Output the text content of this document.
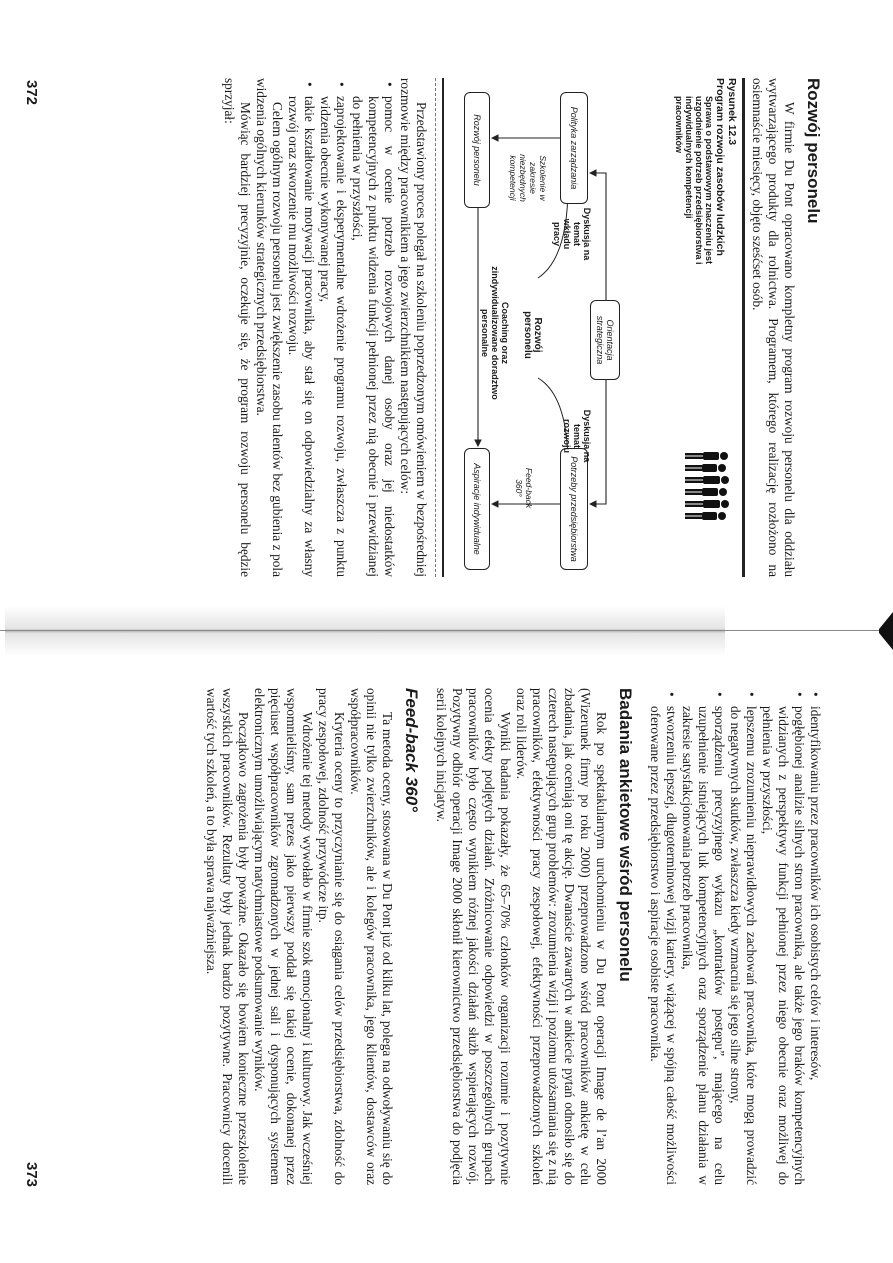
Rozwój personelu

W firmie Du Pont opracowano kompletny program rozwoju personelu dla oddziału wytwarzającego produkty dla rolnictwa. Programem, którego realizację rozłożono na osiemnaście miesięcy, objęto sześćset osób.

Rysunek 12.3
Program rozwoju zasobów ludzkich
Sprawa o podstawowym znaczeniu jest uzgodnienie potrzeb przedsiębiorstwa i indywidualnych kompetencji pracowników
Orientacja strategiczna
Polityka zarządzania
Potrzeby przedsiębiorstwa
Rozwój personelu
Aspiracje indywidualne
Dyskusja na temat wkładu pracy
Dyskusja na temat rozwoju
Rozwój personelu
Szkolenie w zakresie niezbędnych kompetencji
Feed-back 360°
Coaching oraz zindywidualizowane doradztwo personalne

Przedstawiony proces polegał na szkoleniu poprzedzonym omówieniem w bezpośredniej rozmowie między pracownikiem a jego zwierzchnikiem następujących celów:

• pomoc w ocenie potrzeb rozwojowych danej osoby oraz jej niedostatków kompetencyjnych z punktu widzenia funkcji pełnionej przez nią obecnie i przewidzianej do pełnienia w przyszłości,
• zaprojektowanie i eksperymentalne wdrożenie programu rozwoju, zwłaszcza z punktu widzenia obecnie wykonywanej pracy,
• takie kształtowanie motywacji pracownika, aby stał się on odpowiedzialny za własny rozwój oraz stworzenie mu możliwości rozwoju.

Celem ogólnym rozwoju personelu jest zwiększenie zasobu talentów bez gubienia z pola widzenia ogólnych kierunków strategicznych przedsiębiorstwa.

Mówiąc bardziej precyzyjnie, oczekuje się, że program rozwoju personelu będzie sprzyjał:

372
• identyfikowaniu przez pracowników ich osobistych celów i interesów,
• pogłębionej analizie silnych stron pracownika, ale także jego braków kompetencyjnych widzianych z perspektywy funkcji pełnionej przez niego obecnie oraz możliwej do pełnienia w przyszłości,
• lepszemu zrozumieniu nieprawidłowych zachowań pracownika, które mogą prowadzić do negatywnych skutków, zwłaszcza kiedy wzmacnia się jego silne strony,
• sporządzeniu precyzyjnego wykazu „kontraktów postępu”, mającego na celu uzupełnienie istniejących luk kompetencyjnych oraz sporządzenie planu działania w zakresie satysfakcjonowania potrzeb pracownika,
• stworzeniu lepszej, długoterminowej wizji kariery, wiążącej w spójną całość możliwości oferowane przez przedsiębiorstwo i aspiracje osobiste pracownika.
Badania ankietowe wśród personelu

Rok po spektakularnym uruchomieniu w Du Pont operacji Image de l’an 2000 (Wizerunek firmy po roku 2000) przeprowadzono wśród pracowników ankietę w celu zbadania, jak oceniają oni tę akcję. Dwanaście zawartych w ankiecie pytań odnosiło się do czterech następujących grup problemów: zrozumienia wizji i poziomu utożsamiania się z nią pracowników, efektywności pracy zespołowej, efektywności przeprowadzonych szkoleń oraz roli liderów.

Wyniki badania pokazały, że 65–70% członków organizacji rozumie i pozytywnie ocenia efekty podjętych działań. Zróżnicowanie odpowiedzi w poszczególnych grupach pracowników było często wynikiem różnej jakości działań służb wspierających rozwój. Pozytywny odbiór operacji Image 2000 skłonił kierownictwo przedsiębiorstwa do podjęcia serii kolejnych inicjatyw.

Feed-back 360°

Ta metoda oceny, stosowana w Du Pont już od kilku lat, polega na odwoływaniu się do opinii nie tylko zwierzchników, ale i kolegów pracownika, jego klientów, dostawców oraz współpracowników.

Kryteria oceny to przyczynianie się do osiągania celów przedsiębiorstwa, zdolność do pracy zespołowej, zdolność przywódcze itp.

Wdrożenie tej metody wywołało w firmie szok emocjonalny i kulturowy. Jak wcześniej wspomnieliśmy, sam prezes jako pierwszy poddał się takiej ocenie, dokonanej przez pięciuset współpracowników zgromadzonych w jednej sali i dysponujących systemem elektronicznym umożliwiającym natychmiastowe podsumowanie wyników.

Początkowo zagrożenia były poważne. Okazało się bowiem konieczne przeszkolenie wszystkich pracowników. Rezultaty były jednak bardzo pozytywne. Pracownicy docenili wartość tych szkoleń, a to była sprawa najważniejsza.

373
